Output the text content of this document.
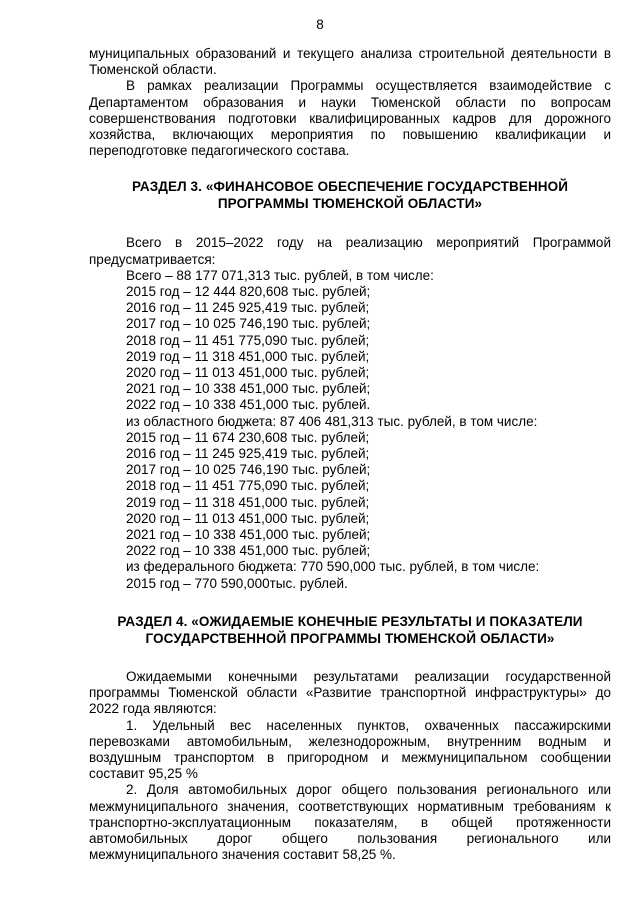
8

муниципальных образований и текущего анализа строительной деятельности в

Тюменской области.

В рамках реализации Программы осуществляется взаимодействие с

Департаментом образования и науки Тюменской области по вопросам

совершенствования подготовки квалифицированных кадров для дорожного

хозяйства, включающих мероприятия по повышению квалификации и

переподготовке педагогического состава.

РАЗДЕЛ 3. «ФИНАНСОВОЕ ОБЕСПЕЧЕНИЕ ГОСУДАРСТВЕННОЙ
ПРОГРАММЫ ТЮМЕНСКОЙ ОБЛАСТИ»

Всего в 2015–2022 году на реализацию мероприятий Программой

предусматривается:

Всего – 88 177 071,313 тыс. рублей, в том числе:

2015 год – 12 444 820,608 тыс. рублей;
2016 год – 11 245 925,419 тыс. рублей;
2017 год – 10 025 746,190 тыс. рублей;
2018 год – 11 451 775,090 тыс. рублей;
2019 год – 11 318 451,000 тыс. рублей;
2020 год – 11 013 451,000 тыс. рублей;
2021 год – 10 338 451,000 тыс. рублей;
2022 год – 10 338 451,000 тыс. рублей.

из областного бюджета: 87 406 481,313 тыс. рублей, в том числе:

2015 год – 11 674 230,608 тыс. рублей;
2016 год – 11 245 925,419 тыс. рублей;
2017 год – 10 025 746,190 тыс. рублей;
2018 год – 11 451 775,090 тыс. рублей;
2019 год – 11 318 451,000 тыс. рублей;
2020 год – 11 013 451,000 тыс. рублей;
2021 год – 10 338 451,000 тыс. рублей;
2022 год – 10 338 451,000 тыс. рублей;

из федерального бюджета: 770 590,000 тыс. рублей, в том числе:

2015 год – 770 590,000тыс. рублей.
РАЗДЕЛ 4. «ОЖИДАЕМЫЕ КОНЕЧНЫЕ РЕЗУЛЬТАТЫ И ПОКАЗАТЕЛИ
ГОСУДАРСТВЕННОЙ ПРОГРАММЫ ТЮМЕНСКОЙ ОБЛАСТИ»

Ожидаемыми конечными результатами реализации государственной

программы Тюменской области «Развитие транспортной инфраструктуры» до

2022 года являются:

1. Удельный вес населенных пунктов, охваченных пассажирскими

перевозками автомобильным, железнодорожным, внутренним водным и

воздушным транспортом в пригородном и межмуниципальном сообщении

составит 95,25 %

2. Доля автомобильных дорог общего пользования регионального или

межмуниципального значения, соответствующих нормативным требованиям к

транспортно-эксплуатационным показателям, в общей протяженности

автомобильных дорог общего пользования регионального или

межмуниципального значения составит 58,25 %.
